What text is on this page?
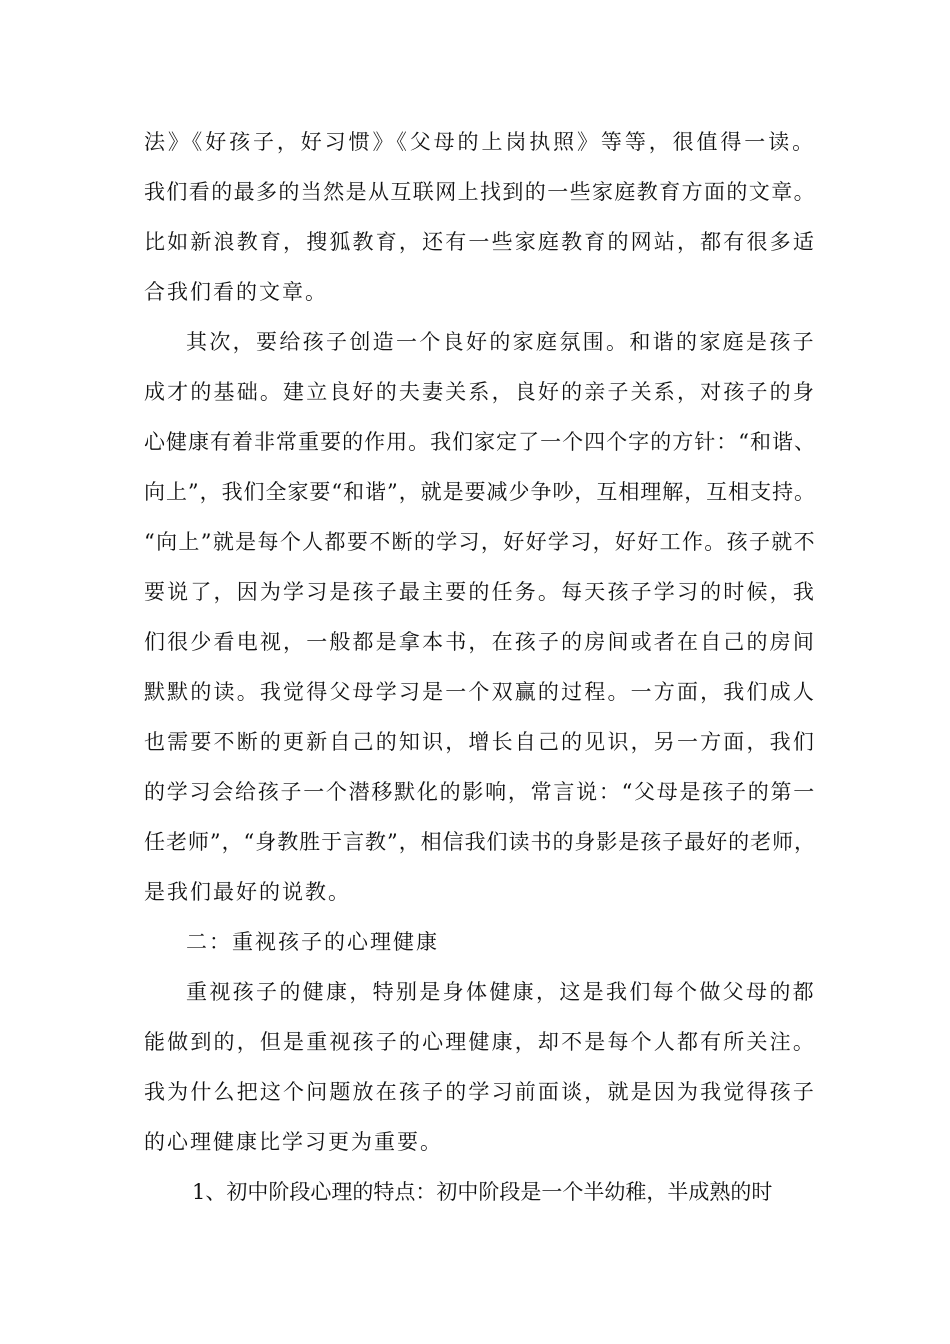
法》《好孩子，好习惯》《父母的上岗执照》等等，很值得一读。
我们看的最多的当然是从互联网上找到的一些家庭教育方面的文章。
比如新浪教育，搜狐教育，还有一些家庭教育的网站，都有很多适
合我们看的文章。
其次，要给孩子创造一个良好的家庭氛围。和谐的家庭是孩子
成才的基础。建立良好的夫妻关系，良好的亲子关系，对孩子的身
心健康有着非常重要的作用。我们家定了一个四个字的方针：“和谐、
向上”，我们全家要“和谐”，就是要减少争吵，互相理解，互相支持。
“向上”就是每个人都要不断的学习，好好学习，好好工作。孩子就不
要说了，因为学习是孩子最主要的任务。每天孩子学习的时候，我
们很少看电视，一般都是拿本书，在孩子的房间或者在自己的房间
默默的读。我觉得父母学习是一个双赢的过程。一方面，我们成人
也需要不断的更新自己的知识，增长自己的见识，另一方面，我们
的学习会给孩子一个潜移默化的影响，常言说：“父母是孩子的第一
任老师”，“身教胜于言教”，相信我们读书的身影是孩子最好的老师，
是我们最好的说教。
二：重视孩子的心理健康
重视孩子的健康，特别是身体健康，这是我们每个做父母的都
能做到的，但是重视孩子的心理健康，却不是每个人都有所关注。
我为什么把这个问题放在孩子的学习前面谈，就是因为我觉得孩子
的心理健康比学习更为重要。
1、初中阶段心理的特点：初中阶段是一个半幼稚，半成熟的时
